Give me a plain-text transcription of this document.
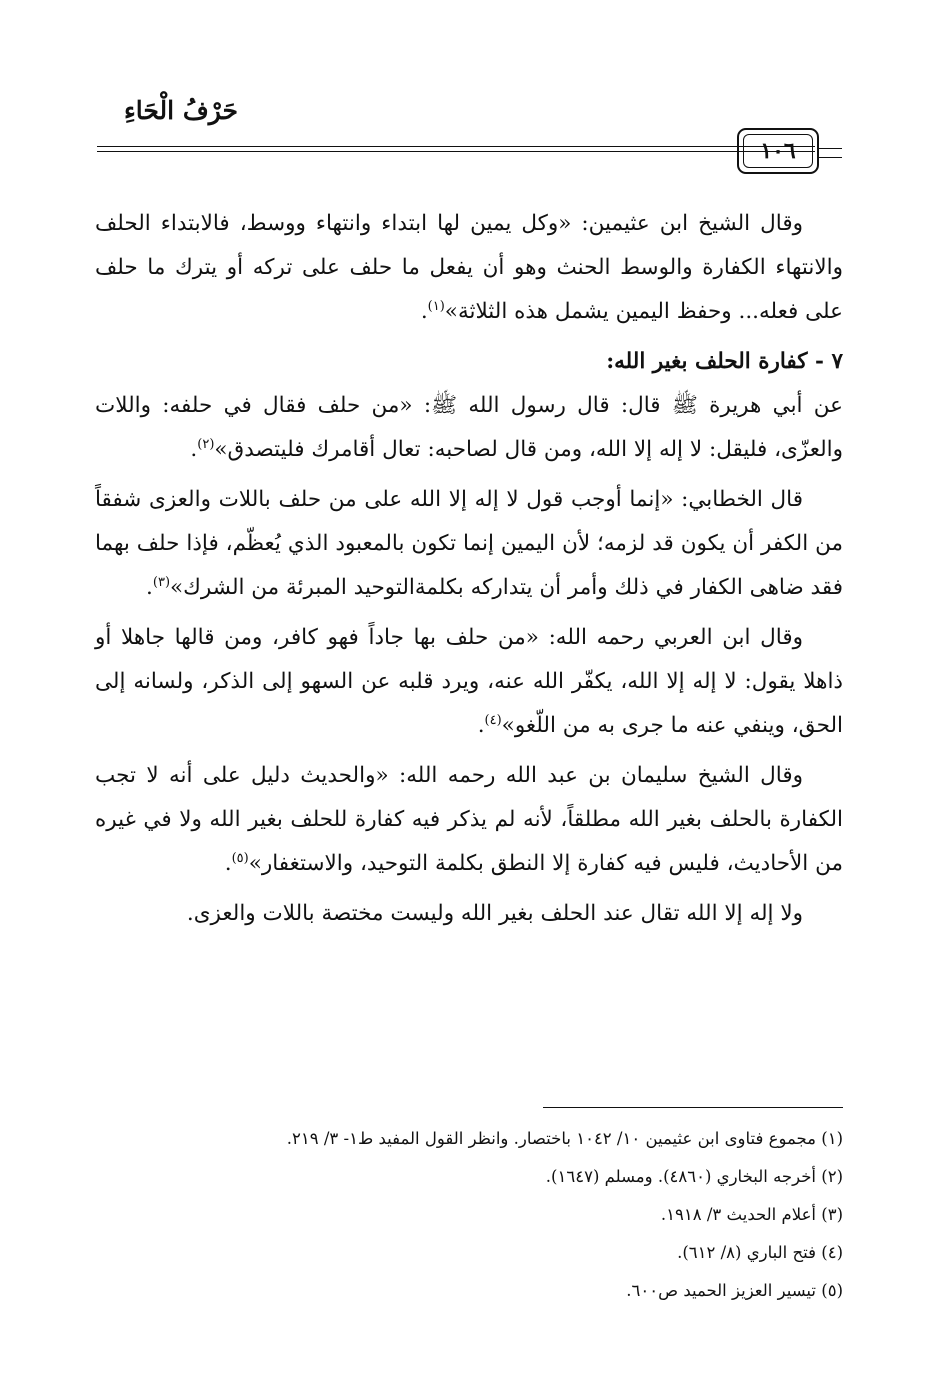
حَرْفُ الْحَاءِ
١٠٦

وقال الشيخ ابن عثيمين: «وكل يمين لها ابتداء وانتهاء ووسط، فالابتداء الحلف والانتهاء الكفارة والوسط الحنث وهو أن يفعل ما حلف على تركه أو يترك ما حلف على فعله... وحفظ اليمين يشمل هذه الثلاثة»$^{(١)}$.

٧ - كفارة الحلف بغير الله:

عن أبي هريرة ﷺ قال: قال رسول الله ﷺ: «من حلف فقال في حلفه: واللات والعزّى، فليقل: لا إله إلا الله، ومن قال لصاحبه: تعال أقامرك فليتصدق»$^{(٢)}$.

قال الخطابي: «إنما أوجب قول لا إله إلا الله على من حلف باللات والعزى شفقاً من الكفر أن يكون قد لزمه؛ لأن اليمين إنما تكون بالمعبود الذي يُعظّم، فإذا حلف بهما فقد ضاهى الكفار في ذلك وأمر أن يتداركه بكلمةالتوحيد المبرئة من الشرك»$^{(٣)}$.

وقال ابن العربي رحمه الله: «من حلف بها جاداً فهو كافر، ومن قالها جاهلا أو ذاهلا يقول: لا إله إلا الله، يكفّر الله عنه، ويرد قلبه عن السهو إلى الذكر، ولسانه إلى الحق، وينفي عنه ما جرى به من اللّغو»$^{(٤)}$.

وقال الشيخ سليمان بن عبد الله رحمه الله: «والحديث دليل على أنه لا تجب الكفارة بالحلف بغير الله مطلقاً، لأنه لم يذكر فيه كفارة للحلف بغير الله ولا في غيره من الأحاديث، فليس فيه كفارة إلا النطق بكلمة التوحيد، والاستغفار»$^{(٥)}$.

ولا إله إلا الله تقال عند الحلف بغير الله وليست مختصة باللات والعزى.

(١) مجموع فتاوى ابن عثيمين ١٠/ ١٠٤٢ باختصار. وانظر القول المفيد ط١- ٣/ ٢١٩.

(٢) أخرجه البخاري (٤٨٦٠). ومسلم (١٦٤٧).

(٣) أعلام الحديث ٣/ ١٩١٨.

(٤) فتح الباري (٨/ ٦١٢).

(٥) تيسير العزيز الحميد ص٦٠٠.
